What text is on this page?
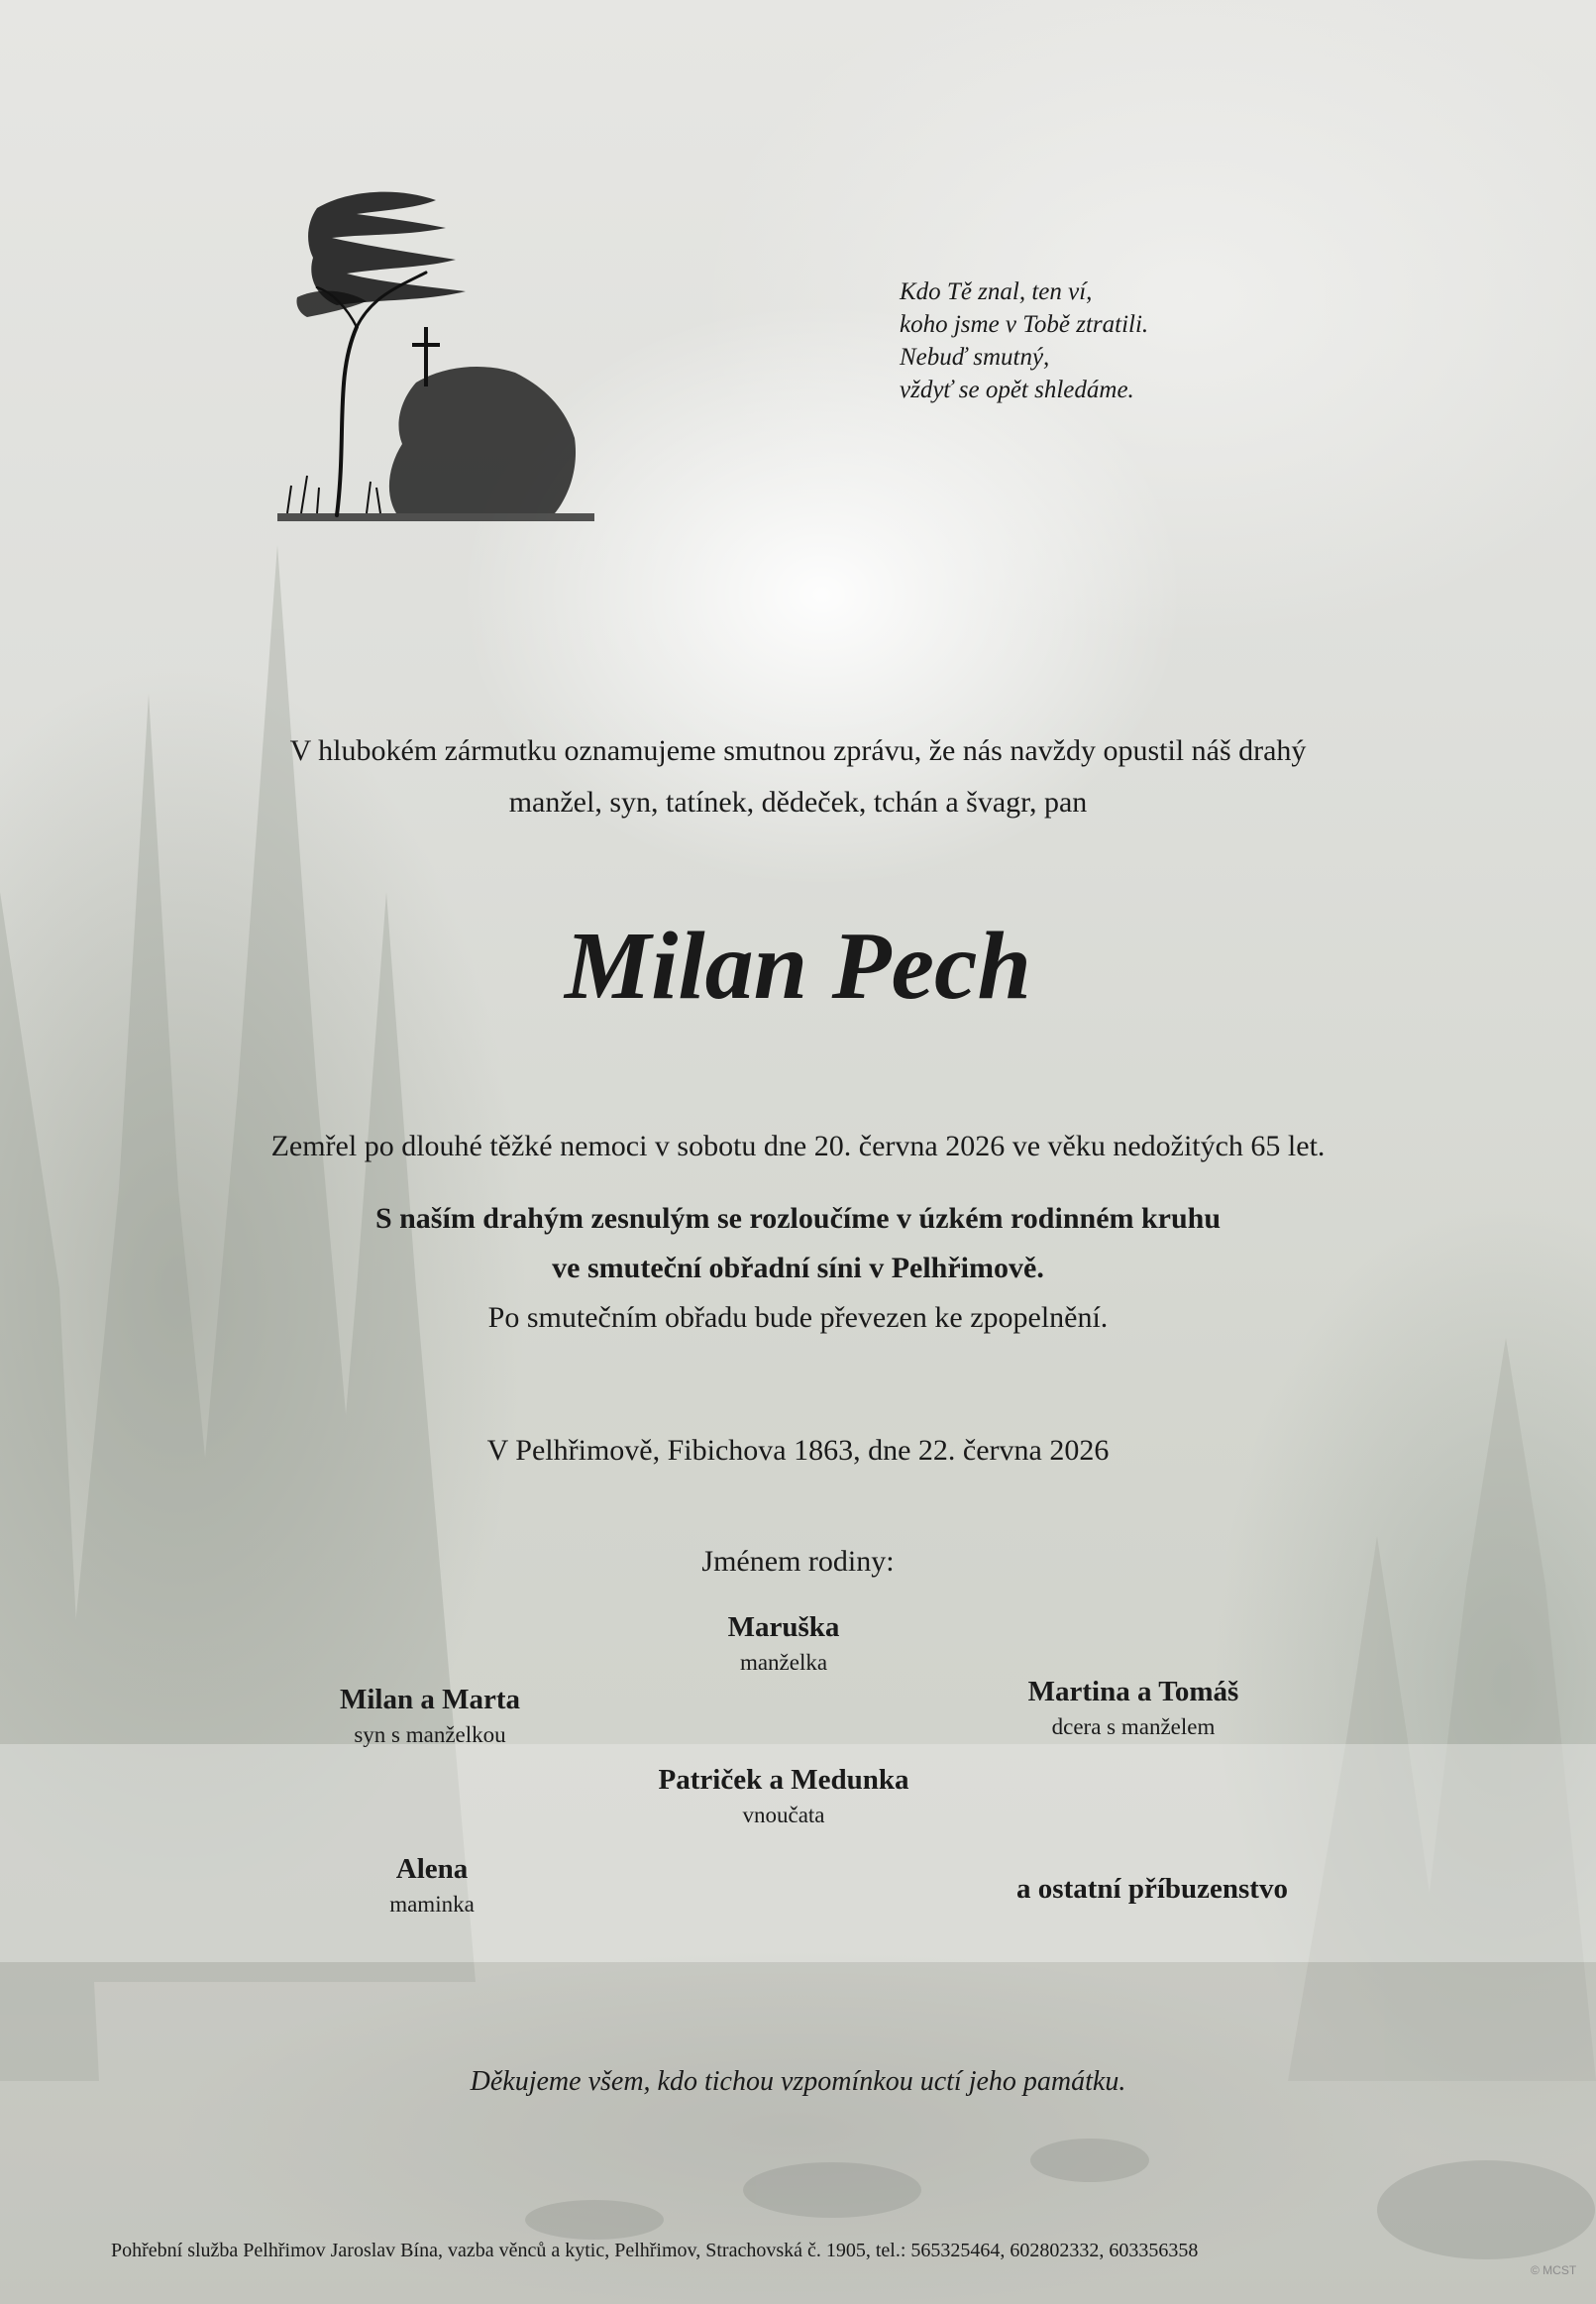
Kdo Tě znal, ten ví,
koho jsme v Tobě ztratili.
Nebuď smutný,
vždyť se opět shledáme.
V hlubokém zármutku oznamujeme smutnou zprávu, že nás navždy opustil náš drahý
manžel, syn, tatínek, dědeček, tchán a švagr, pan
Milan Pech
Zemřel po dlouhé těžké nemoci v sobotu dne 20. června 2026 ve věku nedožitých 65 let.
S naším drahým zesnulým se rozloučíme v úzkém rodinném kruhu
ve smuteční obřadní síni v Pelhřimově.
Po smutečním obřadu bude převezen ke zpopelnění.
V Pelhřimově, Fibichova 1863, dne 22. června 2026
Jménem rodiny:
Maruška
manželka
Milan a Marta
syn s manželkou
Martina a Tomáš
dcera s manželem
Patriček a Medunka
vnoučata
Alena
maminka	a ostatní příbuzenstvo
Děkujeme všem, kdo tichou vzpomínkou uctí jeho památku.
Pohřební služba Pelhřimov Jaroslav Bína, vazba věnců a kytic, Pelhřimov, Strachovská č. 1905, tel.: 565325464, 602802332, 603356358
© MCST
